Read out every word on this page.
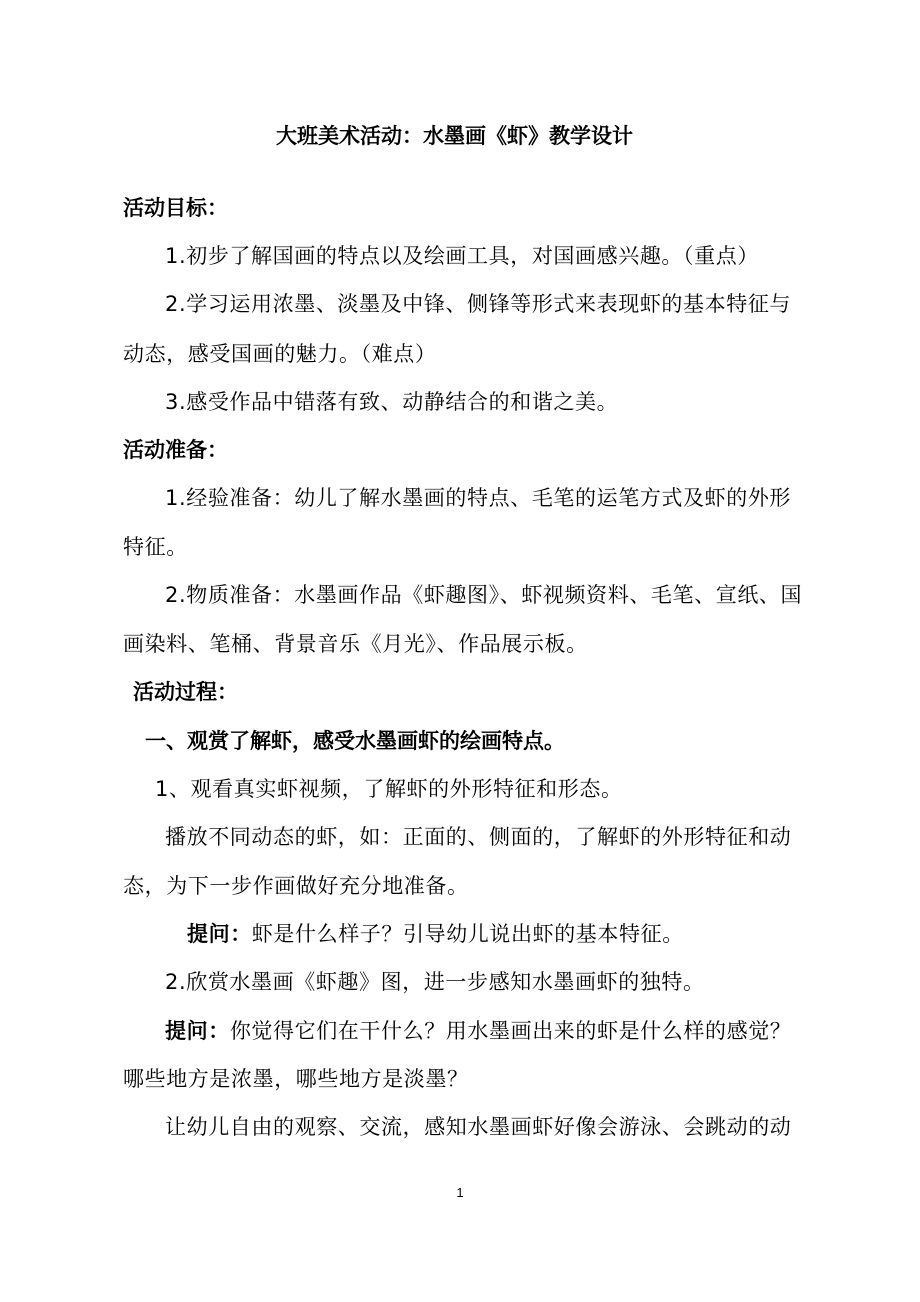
大班美术活动：水墨画《虾》教学设计
活动目标：
1.初步了解国画的特点以及绘画工具，对国画感兴趣。（重点）
2.学习运用浓墨、淡墨及中锋、侧锋等形式来表现虾的基本特征与
动态，感受国画的魅力。（难点）
3.感受作品中错落有致、动静结合的和谐之美。
活动准备：
1.经验准备：幼儿了解水墨画的特点、毛笔的运笔方式及虾的外形
特征。
2.物质准备：水墨画作品《虾趣图》、虾视频资料、毛笔、宣纸、国
画染料、笔桶、背景音乐《月光》、作品展示板。
活动过程：
一、观赏了解虾，感受水墨画虾的绘画特点。
1、观看真实虾视频，了解虾的外形特征和形态。
播放不同动态的虾，如：正面的、侧面的，了解虾的外形特征和动
态，为下一步作画做好充分地准备。
提问：虾是什么样子？引导幼儿说出虾的基本特征。
2.欣赏水墨画《虾趣》图，进一步感知水墨画虾的独特。
提问：你觉得它们在干什么？用水墨画出来的虾是什么样的感觉？
哪些地方是浓墨，哪些地方是淡墨？
让幼儿自由的观察、交流，感知水墨画虾好像会游泳、会跳动的动
1
